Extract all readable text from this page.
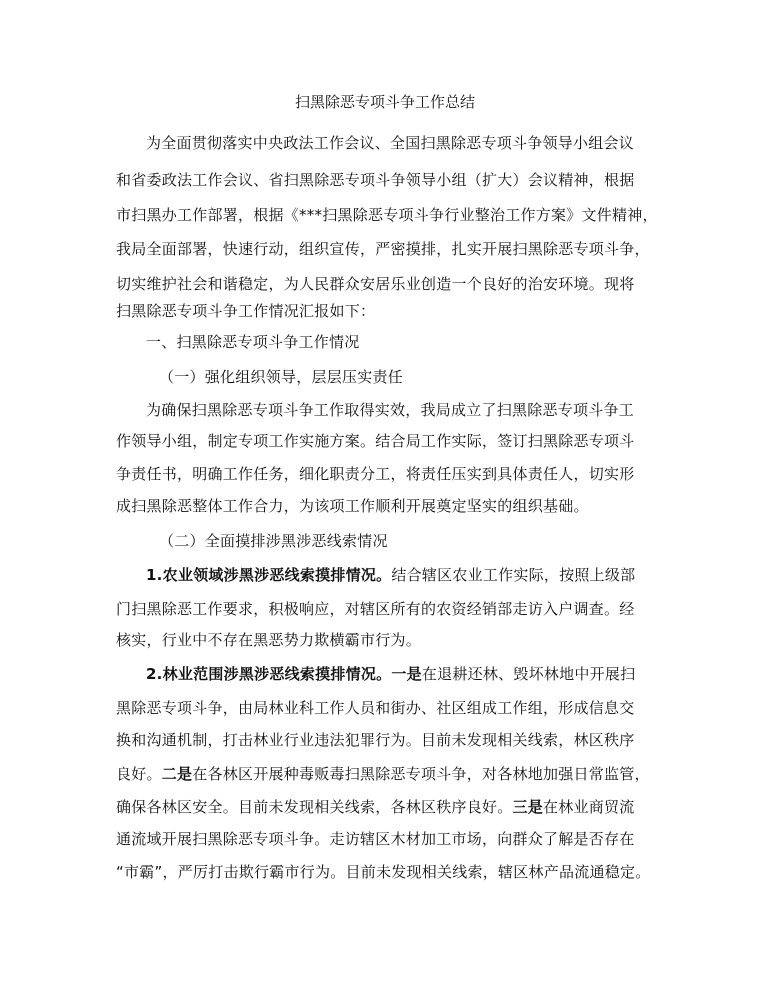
扫黑除恶专项斗争工作总结
为全面贯彻落实中央政法工作会议、全国扫黑除恶专项斗争领导小组会议
和省委政法工作会议、省扫黑除恶专项斗争领导小组（扩大）会议精神，根据
市扫黑办工作部署，根据《***扫黑除恶专项斗争行业整治工作方案》文件精神，
我局全面部署，快速行动，组织宣传，严密摸排，扎实开展扫黑除恶专项斗争，
切实维护社会和谐稳定，为人民群众安居乐业创造一个良好的治安环境。现将
扫黑除恶专项斗争工作情况汇报如下：
一、扫黑除恶专项斗争工作情况
（一）强化组织领导，层层压实责任
为确保扫黑除恶专项斗争工作取得实效，我局成立了扫黑除恶专项斗争工
作领导小组，制定专项工作实施方案。结合局工作实际，签订扫黑除恶专项斗
争责任书，明确工作任务，细化职责分工，将责任压实到具体责任人，切实形
成扫黑除恶整体工作合力，为该项工作顺利开展奠定坚实的组织基础。
（二）全面摸排涉黑涉恶线索情况
1.农业领域涉黑涉恶线索摸排情况。结合辖区农业工作实际，按照上级部
门扫黑除恶工作要求，积极响应，对辖区所有的农资经销部走访入户调查。经
核实，行业中不存在黑恶势力欺横霸市行为。
2.林业范围涉黑涉恶线索摸排情况。一是在退耕还林、毁坏林地中开展扫
黑除恶专项斗争，由局林业科工作人员和街办、社区组成工作组，形成信息交
换和沟通机制，打击林业行业违法犯罪行为。目前未发现相关线索，林区秩序
良好。二是在各林区开展种毒贩毒扫黑除恶专项斗争，对各林地加强日常监管，
确保各林区安全。目前未发现相关线索，各林区秩序良好。三是在林业商贸流
通流域开展扫黑除恶专项斗争。走访辖区木材加工市场，向群众了解是否存在
“市霸”，严厉打击欺行霸市行为。目前未发现相关线索，辖区林产品流通稳定。
